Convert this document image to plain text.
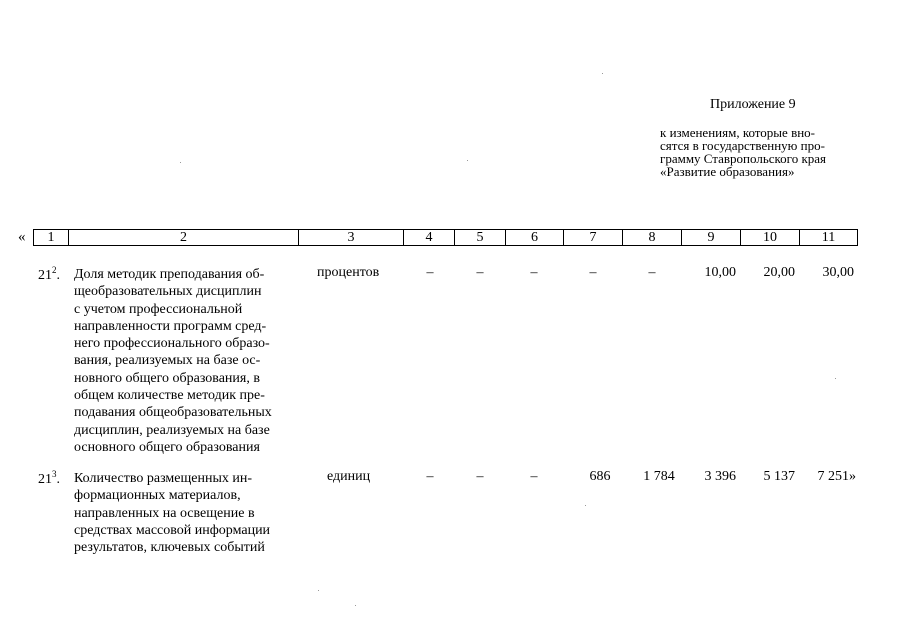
Приложение 9
к изменениям, которые вно-
сятся в государственную про-
грамму Ставропольского края
«Развитие образования»
«	1	2	3	4	5	6	7	8	9	10	11
$21^2$. Доля методик преподавания об-
щеобразовательных дисциплин
с учетом профессиональной
направленности программ сред-
него профессионального образо-
вания, реализуемых на базе ос-
новного общего образования, в
общем количестве методик пре-
подавания общеобразовательных
дисциплин, реализуемых на базе
основного общего образования
процентов	–	–	–	–	–	10,00	20,00	30,00
$21^3$. Количество размещенных ин-
формационных материалов,
направленных на освещение в
средствах массовой информации
результатов, ключевых событий
единиц	–	–	–	686	1 784	3 396	5 137	7 251»
